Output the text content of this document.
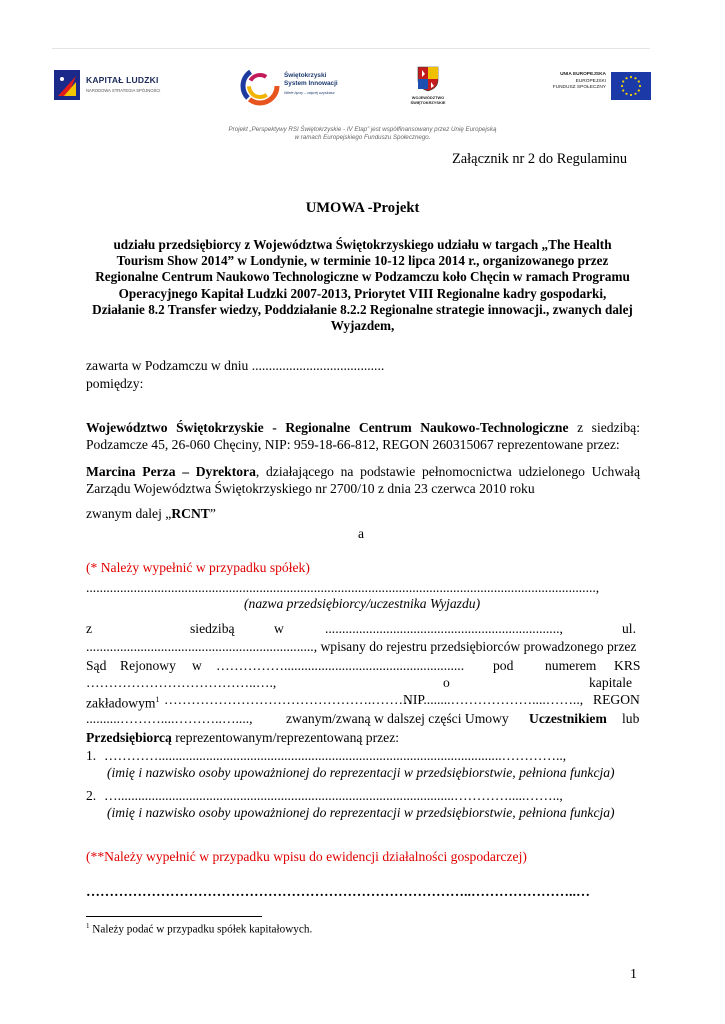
KAPITAŁ LUDZKI
NARODOWA STRATEGIA SPÓJNOŚCI
Świętokrzyski
System Innowacji
Wiele łączy – więcej uzyskasz
WOJEWÓDZTWO
ŚWIĘTOKRZYSKIE
UNIA EUROPEJSKA
EUROPEJSKI
FUNDUSZ SPOŁECZNY
Projekt „Perspektywy RSI Świętokrzyskie - IV Etap” jest współfinansowany przez Unię Europejską
w ramach Europejskiego Funduszu Społecznego.
Załącznik nr 2 do Regulaminu
UMOWA -Projekt
udziału przedsiębiorcy z Województwa Świętokrzyskiego udziału w targach „The Health
Tourism Show 2014” w Londynie, w terminie 10-12 lipca 2014 r., organizowanego przez
Regionalne Centrum Naukowo Technologiczne w Podzamczu koło Chęcin w ramach Programu
Operacyjnego Kapitał Ludzki 2007-2013, Priorytet VIII Regionalne kadry gospodarki,
Działanie 8.2 Transfer wiedzy, Poddziałanie 8.2.2 Regionalne strategie innowacji., zwanych dalej
Wyjazdem,
zawarta w Podzamczu w dniu .......................................
pomiędzy:
Województwo Świętokrzyskie - Regionalne Centrum Naukowo-Technologiczne z siedzibą:
Podzamcze 45, 26-060 Chęciny, NIP: 959-18-66-812, REGON 260315067 reprezentowane przez:
Marcina Perza – Dyrektora, działającego na podstawie pełnomocnictwa udzielonego Uchwałą
Zarządu Województwa Świętokrzyskiego nr 2700/10 z dnia 23 czerwca 2010 roku
zwanym dalej „RCNT”
a
(* Należy wypełnić w przypadku spółek)
......................................................................................................................................................,
(nazwa przedsiębiorcy/uczestnika Wyjazdu)
z	siedzibą	w	.....................................................................,	ul.
..................................................................., wpisany do rejestru przedsiębiorców prowadzonego przez
Sąd Rejonowy w ……………..................................................... pod numerem KRS
………………………………..….,	o	kapitale
zakładowym$^1$ ……………………………………….………
NIP........………………....…….., REGON
..........………....………..…...., zwanym/zwaną w dalszej części Umowy Uczestnikiem lub
Przedsiębiorcą reprezentowanym/reprezentowaną przez:
1. ………….....................................................................................................…………..,
(imię i nazwisko osoby upoważnionej do reprezentacji w przedsiębiorstwie, pełniona funkcja)
2. …...................................................................................................………….....……..,
(imię i nazwisko osoby upoważnionej do reprezentacji w przedsiębiorstwie, pełniona funkcja)
(**Należy wypełnić w przypadku wpisu do ewidencji działalności gospodarczej)
………………………………………………………………………..…………………..…
$^1$ Należy podać w przypadku spółek kapitałowych.
1
